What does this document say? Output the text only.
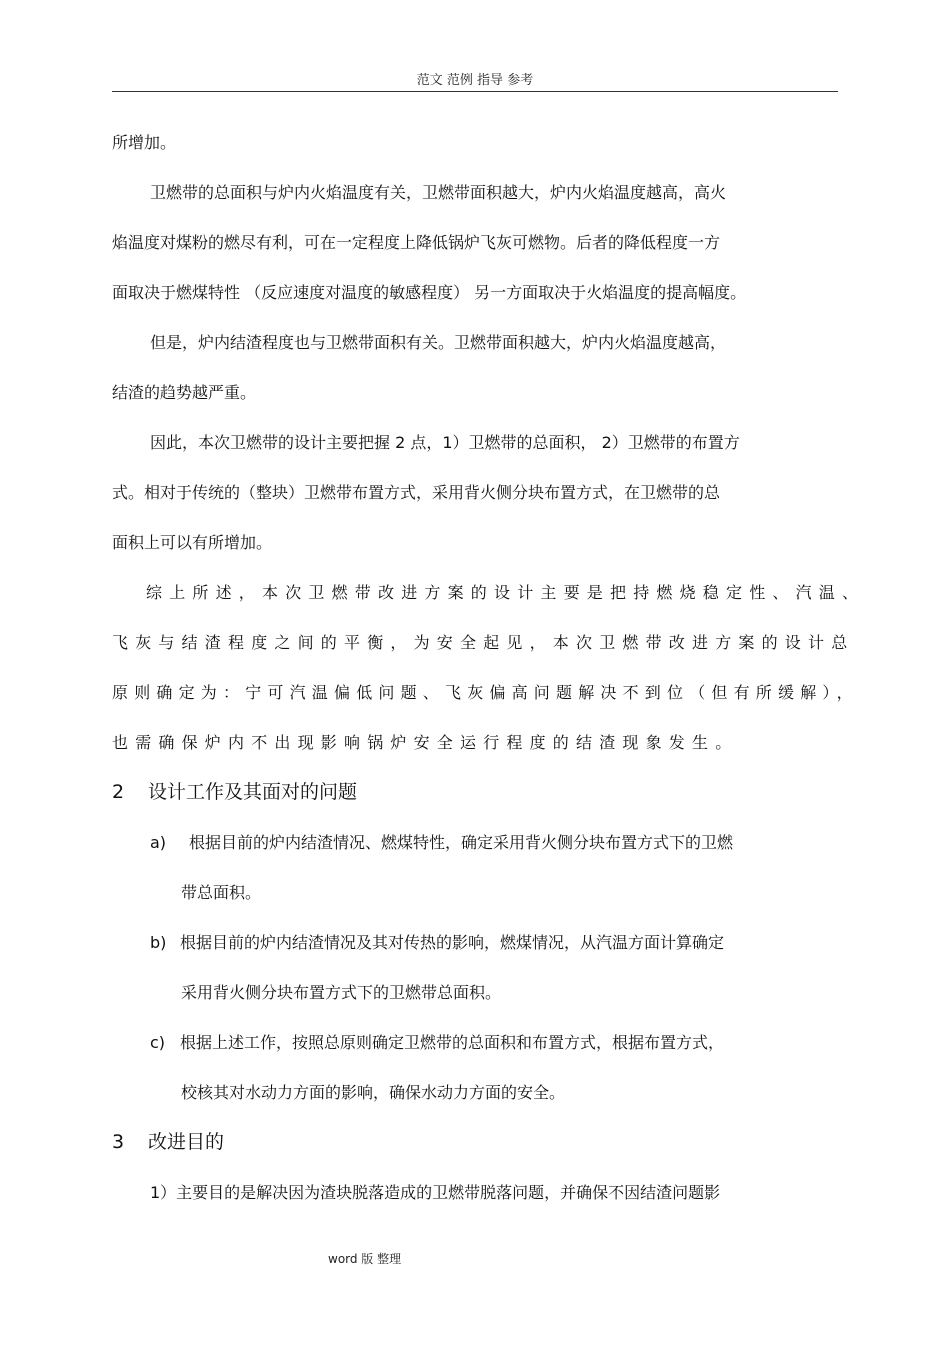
范文 范例 指导 参考
所增加。
卫燃带的总面积与炉内火焰温度有关，卫燃带面积越大，炉内火焰温度越高，高火
焰温度对煤粉的燃尽有利，可在一定程度上降低锅炉飞灰可燃物。后者的降低程度一方
面取决于燃煤特性 （反应速度对温度的敏感程度） 另一方面取决于火焰温度的提高幅度。
但是，炉内结渣程度也与卫燃带面积有关。卫燃带面积越大，炉内火焰温度越高，
结渣的趋势越严重。
因此，本次卫燃带的设计主要把握 2 点，1）卫燃带的总面积， 2）卫燃带的布置方
式。相对于传统的（整块）卫燃带布置方式，采用背火侧分块布置方式，在卫燃带的总
面积上可以有所增加。
综上所述，本次卫燃带改进方案的设计主要是把持燃烧稳定性、汽温、
飞灰与结渣程度之间的平衡，为安全起见，本次卫燃带改进方案的设计总
原则确定为：宁可汽温偏低问题、飞灰偏高问题解决不到位（但有所缓解），
也需确保炉内不出现影响锅炉安全运行程度的结渣现象发生。
2 设计工作及其面对的问题
a) 根据目前的炉内结渣情况、燃煤特性，确定采用背火侧分块布置方式下的卫燃
带总面积。
b) 根据目前的炉内结渣情况及其对传热的影响，燃煤情况，从汽温方面计算确定
采用背火侧分块布置方式下的卫燃带总面积。
c) 根据上述工作，按照总原则确定卫燃带的总面积和布置方式，根据布置方式，
校核其对水动力方面的影响，确保水动力方面的安全。
3 改进目的
1）主要目的是解决因为渣块脱落造成的卫燃带脱落问题，并确保不因结渣问题影
word 版 整理
